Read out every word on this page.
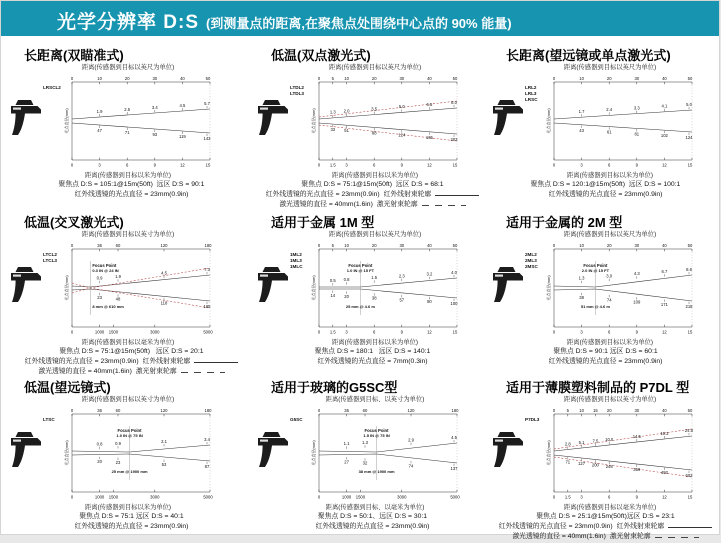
光学分辨率 D:S (到测量点的距离,在聚焦点处围绕中心点的 90% 能量)
长距离(双瞄准式)
距离(传感器到目标以英尺为单位)
0	10	20	30	40	50
0	3	6	9	12	15
1.9
47
2.5
71
3.4
93
4.5
119
5.7
143
LRSCL2
光点直径(mm)
距离(传感器到目标以米为单位)
聚焦点 D:S = 105:1@15m(50ft)  远区 D:S = 90:1
红外线透镜的光点直径 = 23mm(0.9in)
低温(双点激光式)
距离(传感器到目标以英尺为单位)
0	5 10	20	30	40	50
0 1.5 3	6	9	12	15
1.3
33
2.0
51
3.5
88
5.0
124
6.5
165
8.0
203
LTDL2
LTDL3
光点直径(mm)
距离(传感器到目标以米为单位)
聚焦点 D:S = 75:1@15m(50ft)  远区 D:S = 68:1
红外线透镜的光点直径 = 23mm(0.9in) 红外线射束轮廓
激光透镜的直径 = 40mm(1.6in) 激光射束轮廓
长距离(望远镜或单点激光式)
距离(传感器到目标以英尺为单位)
0	10	20	30	40	50
0	3	6	9	12	15
1.7
43
2.4
61
3.3
81
4.1
102
5.0
124
LRL2
LRL3
LRSC
光点直径(mm)
距离(传感器到目标以米为单位)
聚焦点 D:S = 120:1@15m(50ft)  远区 D:S = 100:1
红外线透镜的光点直径 = 23mm(0.9in)
低温(交叉激光式)
距离(传感器到目标以英寸为单位)
0	36	60	120	180
0	1000 1500	3000	5000
0.9
23
1.9
48
4.5
118
7.3
185
Focus Point
0.3 IN @ 24 IN
8 mm @ 610 mm
LTCL2
LTCL3
光点直径(mm)
距离(传感器到目标以毫米为单位)
聚焦点 D:S = 75:1@15m(50ft)   远区 D:S = 20:1
红外线透镜的光点直径 = 23mm(0.9in) 红外线射束轮廓
激光透镜的直径 = 40mm(1.6in) 激光射束轮廓
适用于金属 1M 型
距离(传感器到目标以英尺为单位)
0	5 10	20	30	40	50
0 1.5 3	6	9	12	15
0.5
14
0.8
20
1.5
38
2.3
57
3.2
80
4.0
100
Focus Point
1.0 IN @ 15 FT
25 mm @ 4.6 m
1ML2
1ML3
1MLC
光点直径(mm)
距离(传感器到目标以米为单位)
聚焦点 D:S = 180:1   远区 D:S = 140:1
红外线透镜的光点直径 = 7mm(0.3in)
适用于金属的 2M 型
距离(传感器到目标以英尺为单位)
0	10	20	30	40	50
0	3	6	9	12	15
1.3
38
3.0
74
4.3
109
6.7
171
8.6
218
Focus Point
2.0 IN @ 15 FT
51 mm @ 4.6 m
2ML2
2ML3
2MSC
光点直径(mm)
距离(传感器到目标以米为单位)
聚焦点 D:S = 90:1 远区 D:S = 60:1
红外线透镜的光点直径 = 23mm(0.9in)
低温(望远镜式)
距离(传感器到目标以英寸为单位)
0	36	60	120	180
0	1000 1500	3000	5000
0.8
20
0.9
23
2.1
53
3.4
87
Focus Point
1.0 IN @ 75 IN
25 mm @ 1900 mm
LTSC
光点直径(mm)
距离(传感器到目标以米为单位)
聚焦点 D:S = 75:1 远区 D:S = 40:1
红外线透镜的光点直径 = 23mm(0.9in)
适用于玻璃的G5SC型
距离(传感器到目标、以英寸为单位)
0	36	60	120	180
0	1000 1500	3000	5000
1.1
27
1.3
32
2.9
74
4.5
137
Focus Point
1.5 IN @ 75 IN
38 mm @ 1900 mm
G5SC
光点直径(mm)
距离(传感器到目标、以毫米为单位)
聚焦点 D:S = 50:1、远区 D:S = 30:1
红外线透镜的光点直径 = 23mm(0.9in)
适用于薄膜塑料制品的 P7DL 型
距离(传感器到目标以英寸为单位)
0	5 10 15 20	30	40	50
0 1.5 3	6	9	12	15
2.8
71
5.1
127
7.5
200
10.0
248
14.5
369
19.3
493
24.0
603
P7DL3
光点直径(mm)
距离(传感器到目标以毫米为单位)
聚焦点 D:S = 25:1@15m(50ft)远区 D:S = 23:1
红外线透镜的光点直径 = 23mm(0.9in) 红外线射束轮廓
激光透镜的直径 = 40mm(1.6in) 激光射束轮廓
